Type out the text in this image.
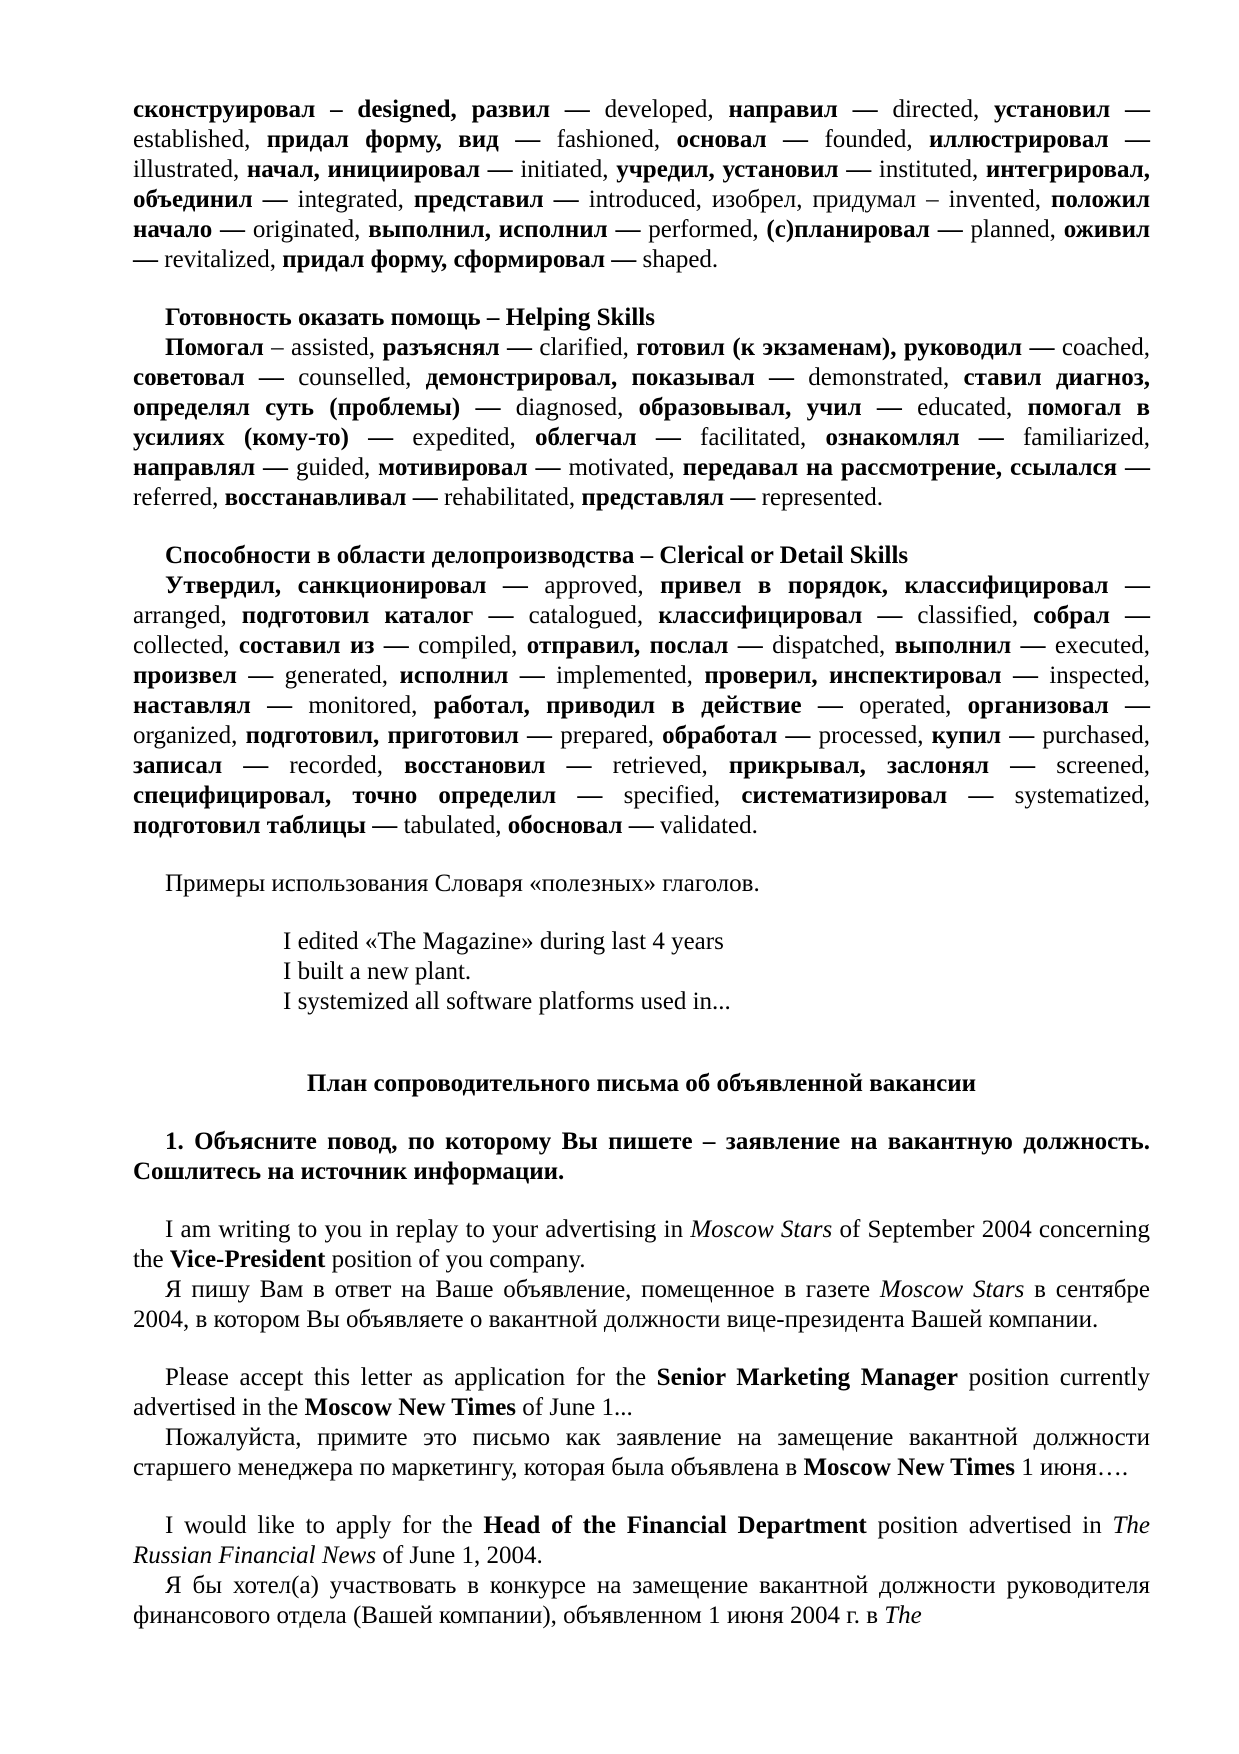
сконструировал – designed, развил — developed, направил — directed, установил — established, придал форму, вид — fashioned, основал — founded, иллюстрировал — illustrated, начал, инициировал — initiated, учредил, установил — instituted, интегрировал, объединил — integrated, представил — introduced, изобрел, придумал – invented, положил начало — originated, выполнил, исполнил — performed, (с)планировал — planned, оживил — revitalized, придал форму, сформировал — shaped.

Готовность оказать помощь – Helping Skills

Помогал – assisted, разъяснял — clarified, готовил (к экзаменам), руководил — coached, советовал — counselled, демонстрировал, показывал — demonstrated, ставил диагноз, определял суть (проблемы) — diagnosed, образовывал, учил — educated, помогал в усилиях (кому-то) — expedited, облегчал — facilitated, ознакомлял — familiarized, направлял — guided, мотивировал — motivated, передавал на рассмотрение, ссылался — referred, восстанавливал — rehabilitated, представлял — represented.

Способности в области делопроизводства – Clerical or Detail Skills

Утвердил, санкционировал — approved, привел в порядок, классифицировал — arranged, подготовил каталог — catalogued, классифицировал — classified, собрал — collected, составил из — compiled, отправил, послал — dispatched, выполнил — executed, произвел — generated, исполнил — implemented, проверил, инспектировал — inspected, наставлял — monitored, работал, приводил в действие — operated, организовал — organized, подготовил, приготовил — prepared, обработал — processed, купил — purchased, записал — recorded, восстановил — retrieved, прикрывал, заслонял — screened, специфицировал, точно определил — specified, систематизировал — systematized, подготовил таблицы — tabulated, обосновал — validated.

Примеры использования Словаря «полезных» глаголов.

I edited «The Magazine» during last 4 years
I built a new plant.
I systemized all software platforms used in...

План сопроводительного письма об объявленной вакансии

1. Объясните повод, по которому Вы пишете – заявление на вакантную должность. Сошлитесь на источник информации.

I am writing to you in replay to your advertising in Moscow Stars of September 2004 concerning the Vice-President position of you company.

Я пишу Вам в ответ на Ваше объявление, помещенное в газете Moscow Stars в сентябре 2004, в котором Вы объявляете о вакантной должности вице-президента Вашей компании.

Please accept this letter as application for the Senior Marketing Manager position currently advertised in the Moscow New Times of June 1...

Пожалуйста, примите это письмо как заявление на замещение вакантной должности старшего менеджера по маркетингу, которая была объявлена в Moscow New Times 1 июня….

I would like to apply for the Head of the Financial Department position advertised in The Russian Financial News of June 1, 2004.

Я бы хотел(а) участвовать в конкурсе на замещение вакантной должности руководителя финансового отдела (Вашей компании), объявленном 1 июня 2004 г. в The
